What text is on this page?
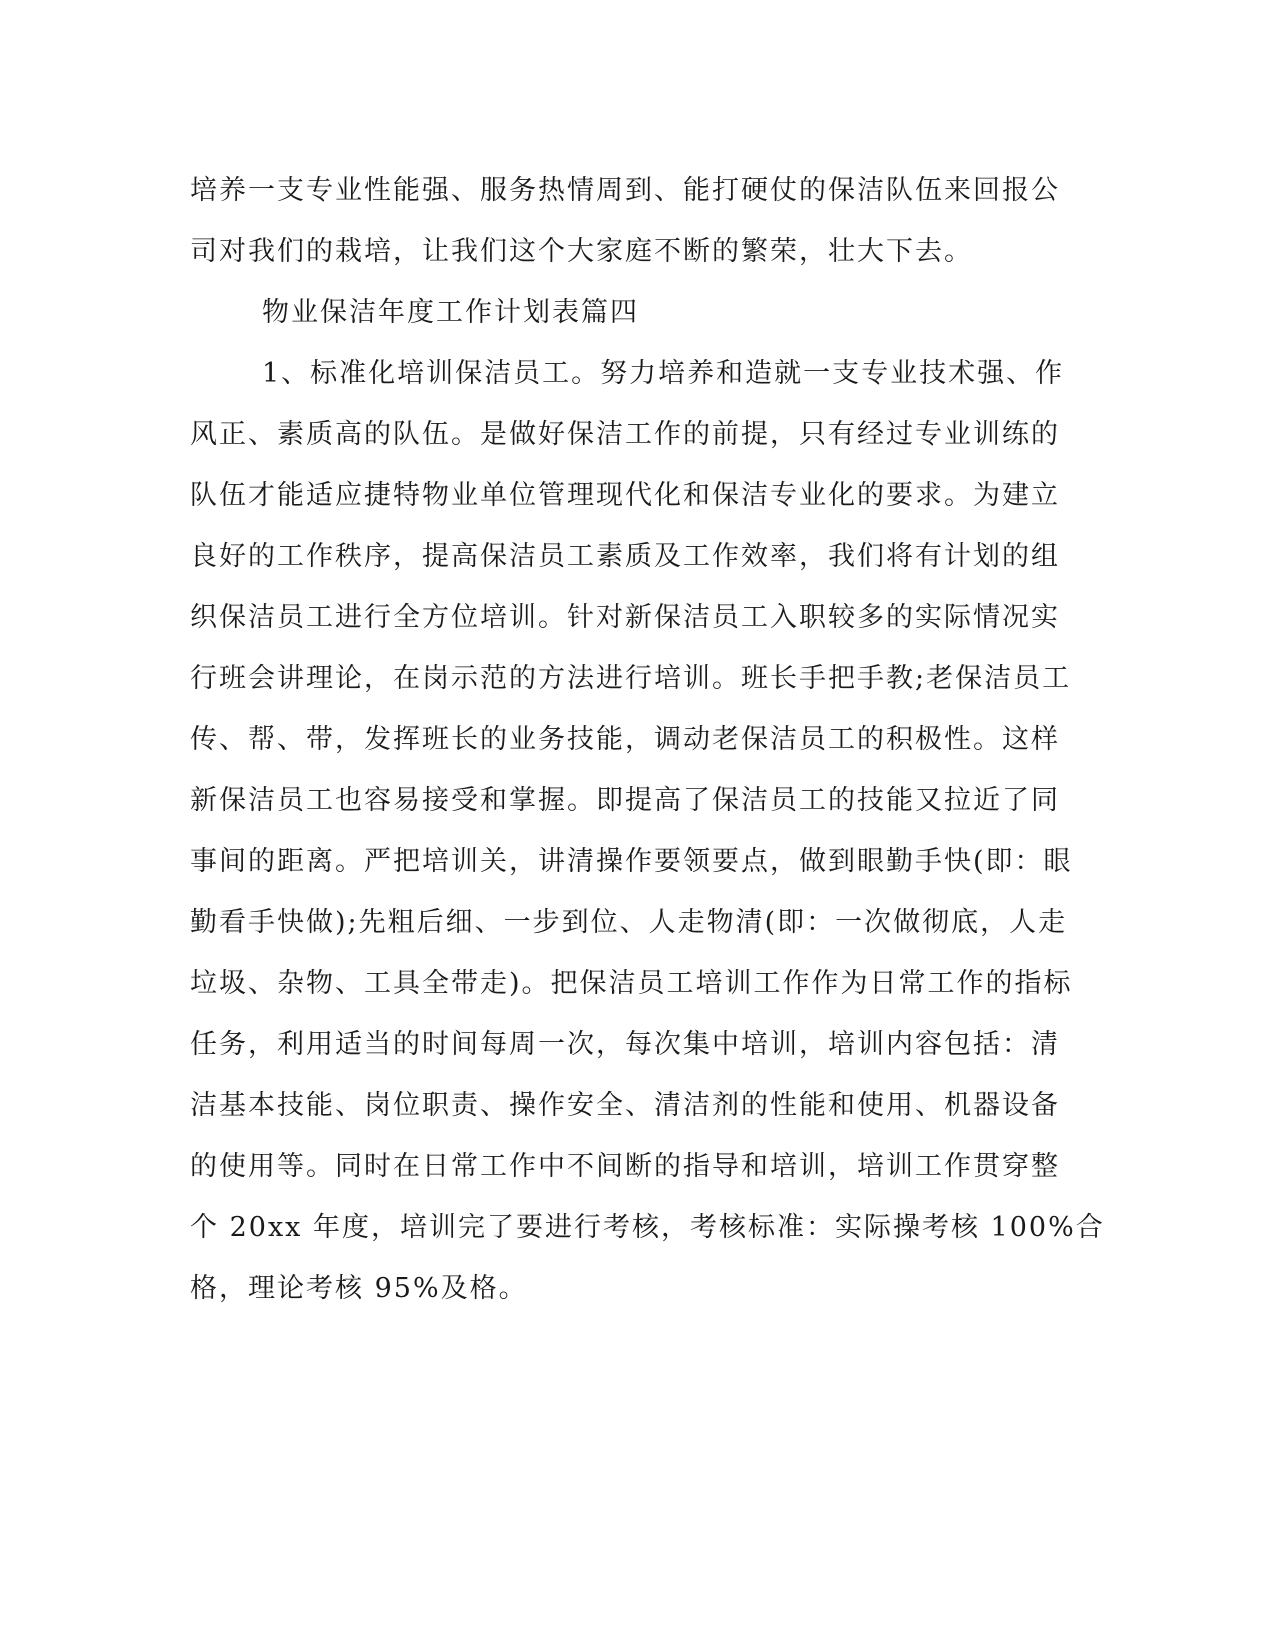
培养一支专业性能强、服务热情周到、能打硬仗的保洁队伍来回报公
司对我们的栽培，让我们这个大家庭不断的繁荣，壮大下去。
物业保洁年度工作计划表篇四
1、标准化培训保洁员工。努力培养和造就一支专业技术强、作
风正、素质高的队伍。是做好保洁工作的前提，只有经过专业训练的
队伍才能适应捷特物业单位管理现代化和保洁专业化的要求。为建立
良好的工作秩序，提高保洁员工素质及工作效率，我们将有计划的组
织保洁员工进行全方位培训。针对新保洁员工入职较多的实际情况实
行班会讲理论，在岗示范的方法进行培训。班长手把手教;老保洁员工
传、帮、带，发挥班长的业务技能，调动老保洁员工的积极性。这样
新保洁员工也容易接受和掌握。即提高了保洁员工的技能又拉近了同
事间的距离。严把培训关，讲清操作要领要点，做到眼勤手快(即：眼
勤看手快做);先粗后细、一步到位、人走物清(即：一次做彻底，人走
垃圾、杂物、工具全带走)。把保洁员工培训工作作为日常工作的指标
任务，利用适当的时间每周一次，每次集中培训，培训内容包括：清
洁基本技能、岗位职责、操作安全、清洁剂的性能和使用、机器设备
的使用等。同时在日常工作中不间断的指导和培训，培训工作贯穿整
个 20xx 年度，培训完了要进行考核，考核标准：实际操考核 100%合
格，理论考核 95%及格。
